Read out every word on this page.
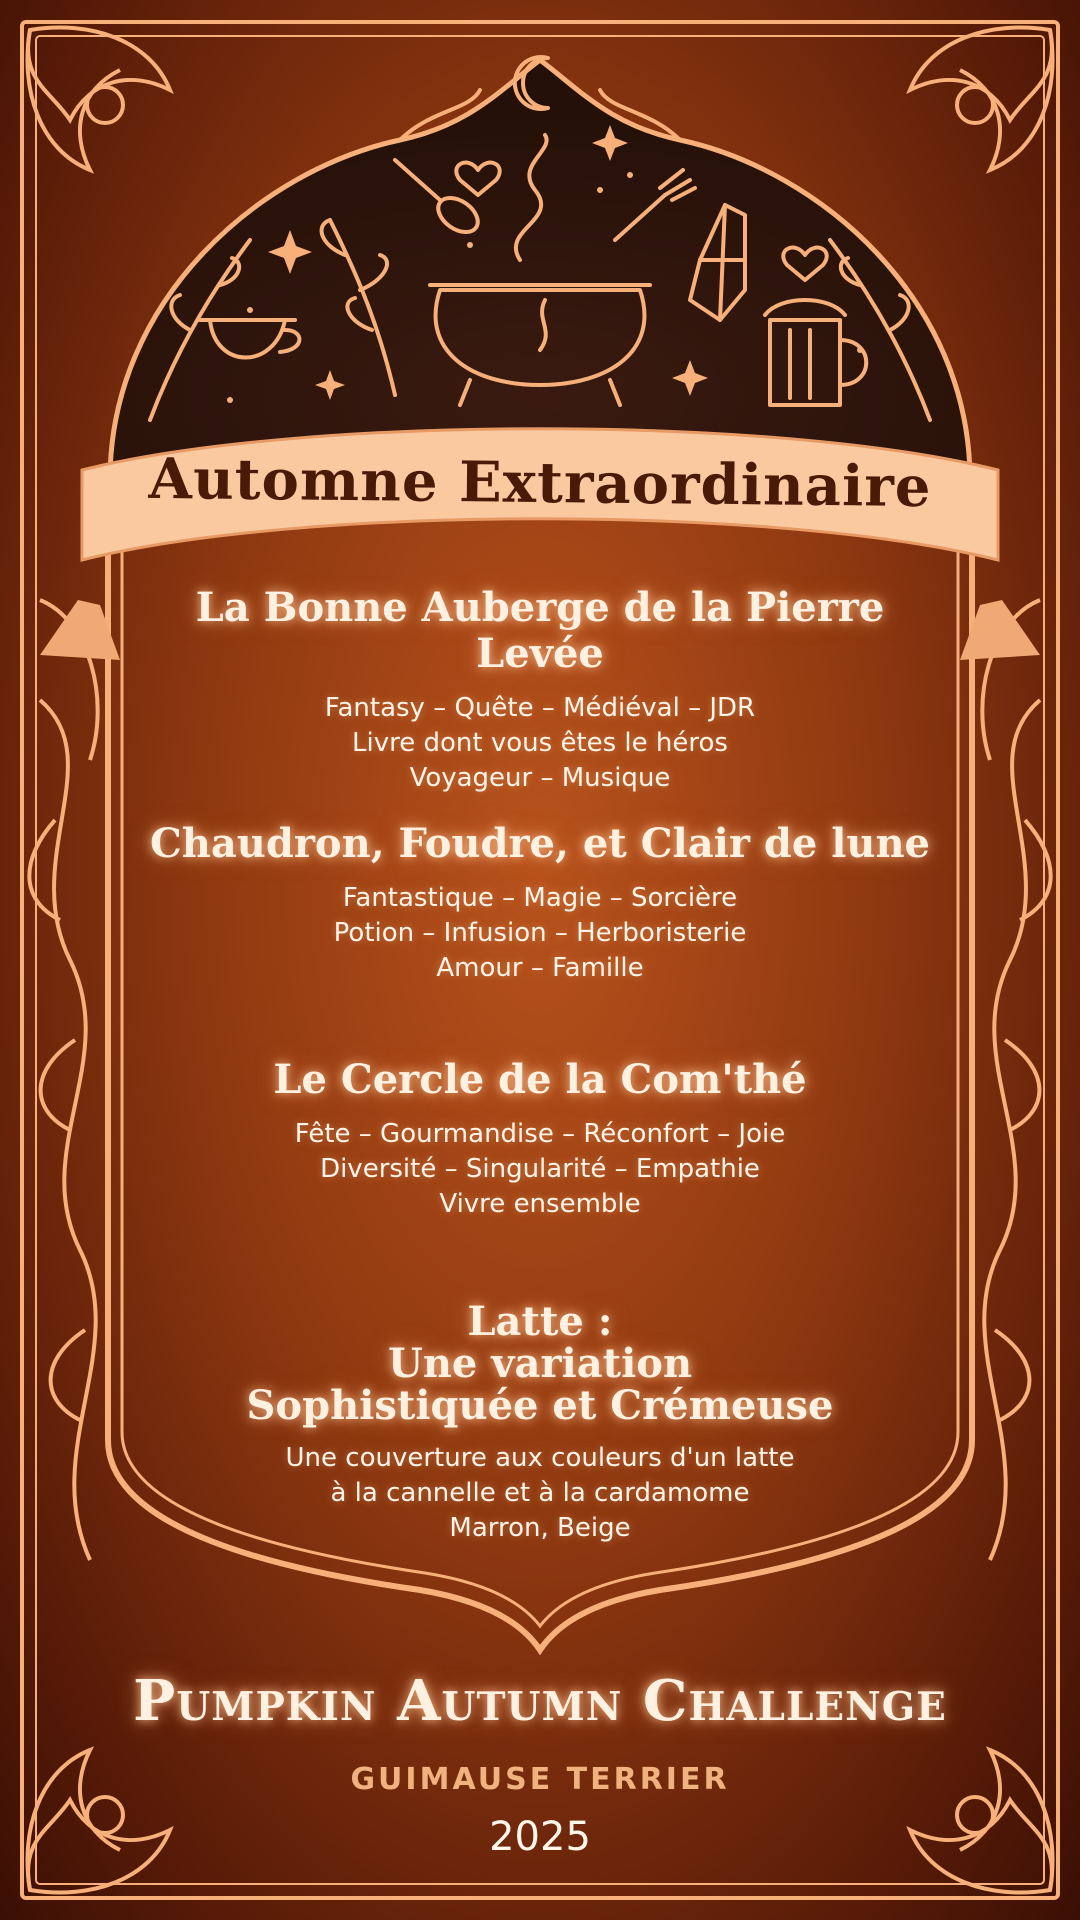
Automne Extraordinaire
La Bonne Auberge de la Pierre Levée
Fantasy – Quête – Médiéval – JDR
Livre dont vous êtes le héros
Voyageur – Musique
Chaudron, Foudre, et Clair de lune
Fantastique – Magie – Sorcière
Potion – Infusion – Herboristerie
Amour – Famille
Le Cercle de la Com'thé
Fête – Gourmandise – Réconfort – Joie
Diversité – Singularité – Empathie
Vivre ensemble
Latte :
Une variation
Sophistiquée et Crémeuse
Une couverture aux couleurs d'un latte
à la cannelle et à la cardamome
Marron, Beige
Pumpkin Autumn Challenge
GUIMAUSE TERRIER
2025
